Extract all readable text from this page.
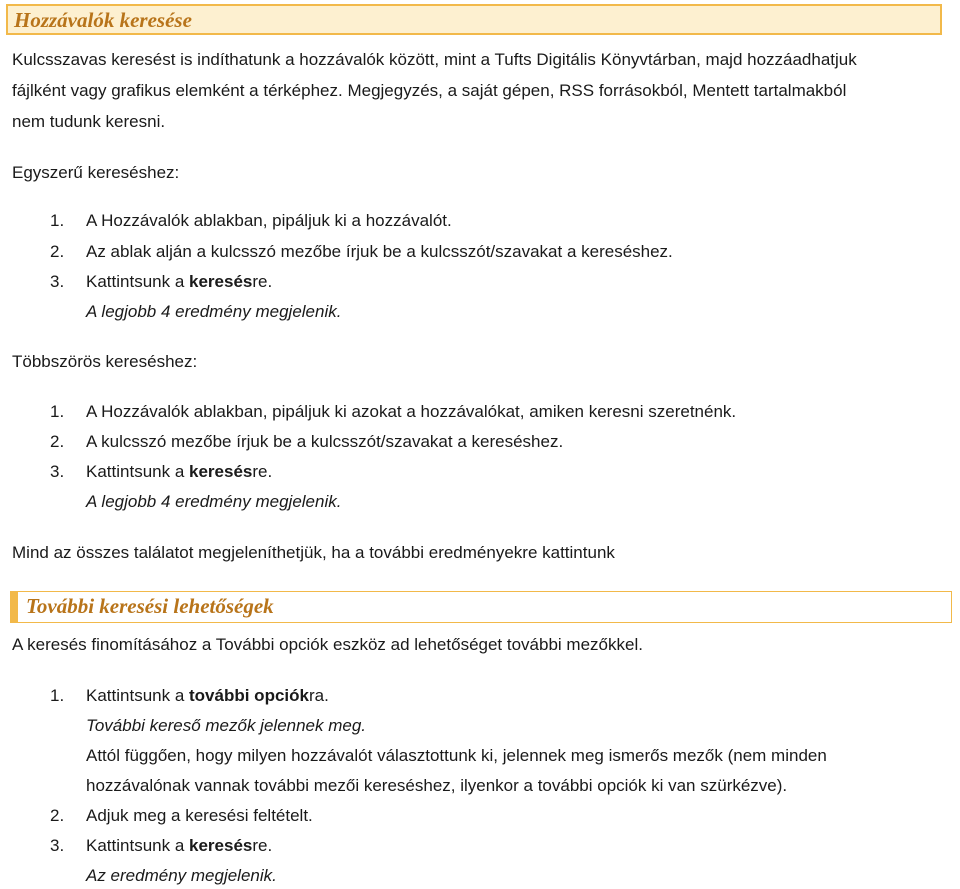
Hozzávalók keresése
Kulcsszavas keresést is indíthatunk a hozzávalók között, mint a Tufts Digitális Könyvtárban, majd hozzáadhatjuk
fájlként vagy grafikus elemként a térképhez. Megjegyzés, a saját gépen, RSS forrásokból, Mentett tartalmakból
nem tudunk keresni.
Egyszerű kereséshez:
1. A Hozzávalók ablakban, pipáljuk ki a hozzávalót.
2. Az ablak alján a kulcsszó mezőbe írjuk be a kulcsszót/szavakat a kereséshez.
3. Kattintsunk a keresésre.
A legjobb 4 eredmény megjelenik.
Többszörös kereséshez:
1. A Hozzávalók ablakban, pipáljuk ki azokat a hozzávalókat, amiken keresni szeretnénk.
2. A kulcsszó mezőbe írjuk be a kulcsszót/szavakat a kereséshez.
3. Kattintsunk a keresésre.
A legjobb 4 eredmény megjelenik.
Mind az összes találatot megjeleníthetjük, ha a további eredményekre kattintunk
További keresési lehetőségek
A keresés finomításához a További opciók eszköz ad lehetőséget további mezőkkel.
1. Kattintsunk a további opciókra.
További kereső mezők jelennek meg.
Attól függően, hogy milyen hozzávalót választottunk ki, jelennek meg ismerős mezők (nem minden
hozzávalónak vannak további mezői kereséshez, ilyenkor a további opciók ki van szürkézve).
2. Adjuk meg a keresési feltételt.
3. Kattintsunk a keresésre.
Az eredmény megjelenik.
